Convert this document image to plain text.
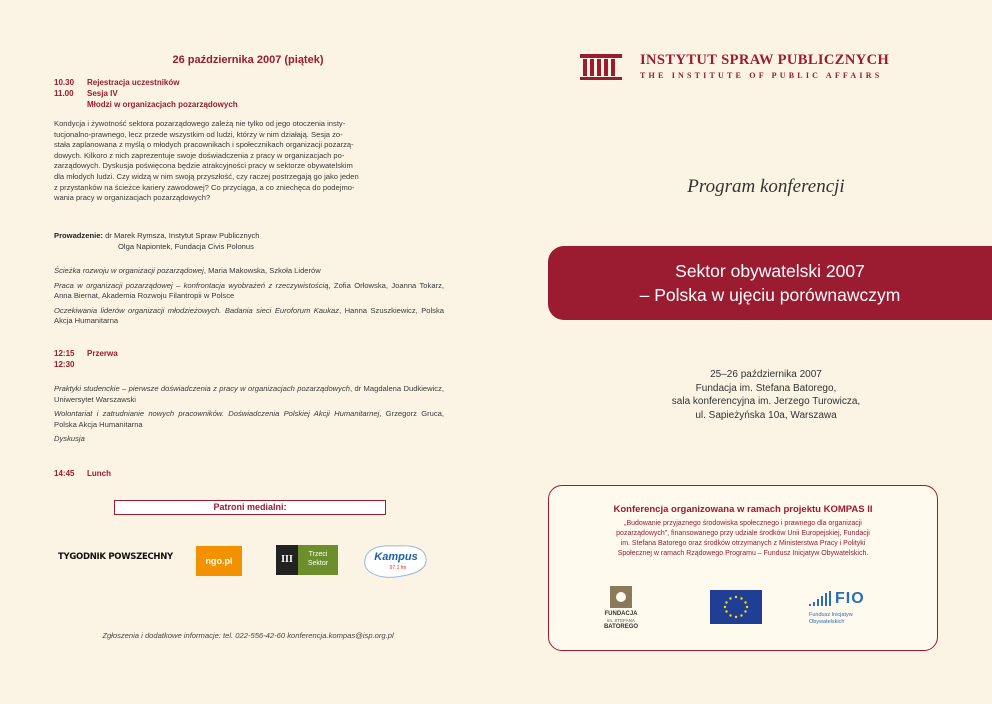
26 października 2007 (piątek)
10.30	Rejestracja uczestników
11.00	Sesja IV
Młodzi w organizacjach pozarządowych
Kondycja i żywotność sektora pozarządowego zależą nie tylko od jego otoczenia insty-
tucjonalno-prawnego, lecz przede wszystkim od ludzi, którzy w nim działają. Sesja zo-
stała zaplanowana z myślą o młodych pracownikach i społecznikach organizacji pozarzą-
dowych. Kilkoro z nich zaprezentuje swoje doświadczenia z pracy w organizacjach po-
zarządowych. Dyskusja poświęcona będzie atrakcyjności pracy w sektorze obywatelskim
dla młodych ludzi. Czy widzą w nim swoją przyszłość, czy raczej postrzegają go jako jeden
z przystanków na ścieżce kariery zawodowej? Co przyciąga, a co zniechęca do podejmo-
wania pracy w organizacjach pozarządowych?
Prowadzenie: dr Marek Rymsza, Instytut Spraw Publicznych
Olga Napiontek, Fundacja Civis Polonus
Ścieżka rozwoju w organizacji pozarządowej, Maria Makowska, Szkoła Liderów
Praca w organizacji pozarządowej – konfrontacja wyobrażeń z rzeczywistością, Zofia Orłowska, Joanna Tokarz, Anna Biernat, Akademia Rozwoju Filantropii w Polsce
Oczekiwania liderów organizacji młodzieżowych. Badania sieci Euroforum Kaukaz, Hanna Szuszkiewicz, Polska Akcja Humanitarna
12:15	Przerwa
12:30
Praktyki studenckie – pierwsze doświadczenia z pracy w organizacjach pozarządowych, dr Magdalena Dudkiewicz, Uniwersytet Warszawski
Wolontariat i zatrudnianie nowych pracowników. Doświadczenia Polskiej Akcji Humanitarnej, Grzegorz Gruca, Polska Akcja Humanitarna
Dyskusja
14:45	Lunch
Patroni medialni:
TYGODNIK POWSZECHNY	ngo.pl	III	Trzeci
Sektor
Kampus
97,1 fm
Zgłoszenia i dodatkowe informacje: tel. 022-556-42-60 konferencja.kompas@isp.org.pl
INSTYTUT SPRAW PUBLICZNYCH
THE INSTITUTE OF PUBLIC AFFAIRS
Program konferencji
Sektor obywatelski 2007
– Polska w ujęciu porównawczym
25–26 października 2007
Fundacja im. Stefana Batorego,
sala konferencyjna im. Jerzego Turowicza,
ul. Sapieżyńska 10a, Warszawa
Konferencja organizowana w ramach projektu KOMPAS II
„Budowanie przyjaznego środowiska społecznego i prawnego dla organizacji
pozarządowych”, finansowanego przy udziale środków Unii Europejskiej, Fundacji
im. Stefana Batorego oraz środków otrzymanych z Ministerstwa Pracy i Polityki
Społecznej w ramach Rządowego Programu – Fundusz Inicjatyw Obywatelskich.
FUNDACJA
im. STEFANA
BATOREGO
FIO
Fundusz Inicjatyw
Obywatelskich
